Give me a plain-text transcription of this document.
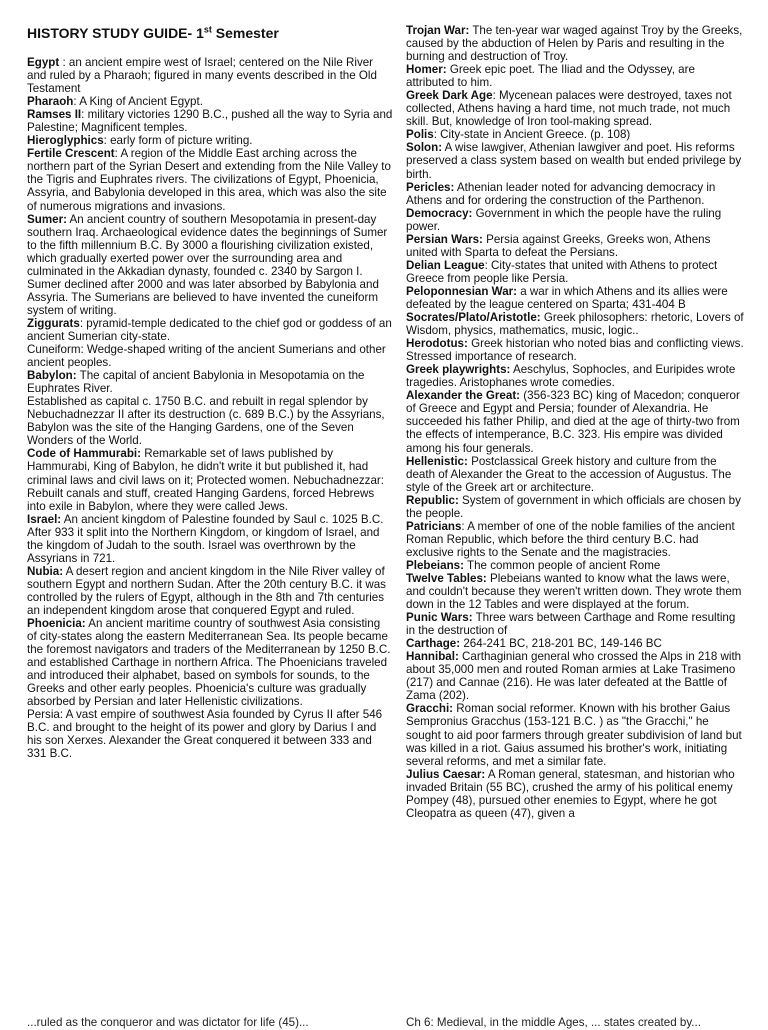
HISTORY STUDY GUIDE- 1st Semester

Egypt : an ancient empire west of Israel; centered on the Nile River and ruled by a Pharaoh; figured in many events described in the Old Testament

Pharaoh: A King of Ancient Egypt.

Ramses II: military victories 1290 B.C., pushed all the way to Syria and Palestine; Magnificent temples.

Hieroglyphics: early form of picture writing.

Fertile Crescent: A region of the Middle East arching across the northern part of the Syrian Desert and extending from the Nile Valley to the Tigris and Euphrates rivers. The civilizations of Egypt, Phoenicia, Assyria, and Babylonia developed in this area, which was also the site of numerous migrations and invasions.

Sumer: An ancient country of southern Mesopotamia in present-day southern Iraq. Archaeological evidence dates the beginnings of Sumer to the fifth millennium B.C. By 3000 a flourishing civilization existed, which gradually exerted power over the surrounding area and culminated in the Akkadian dynasty, founded c. 2340 by Sargon I. Sumer declined after 2000 and was later absorbed by Babylonia and Assyria. The Sumerians are believed to have invented the cuneiform system of writing.

Ziggurats: pyramid-temple dedicated to the chief god or goddess of an ancient Sumerian city-state.

Cuneiform: Wedge-shaped writing of the ancient Sumerians and other ancient peoples.

Babylon: The capital of ancient Babylonia in Mesopotamia on the Euphrates River.

Established as capital c. 1750 B.C. and rebuilt in regal splendor by Nebuchadnezzar II after its destruction (c. 689 B.C.) by the Assyrians, Babylon was the site of the Hanging Gardens, one of the Seven Wonders of the World.

Code of Hammurabi: Remarkable set of laws published by Hammurabi, King of Babylon, he didn't write it but published it, had criminal laws and civil laws on it; Protected women. Nebuchadnezzar: Rebuilt canals and stuff, created Hanging Gardens, forced Hebrews into exile in Babylon, where they were called Jews.

Israel: An ancient kingdom of Palestine founded by Saul c. 1025 B.C. After 933 it split into the Northern Kingdom, or kingdom of Israel, and the kingdom of Judah to the south. Israel was overthrown by the Assyrians in 721.

Nubia: A desert region and ancient kingdom in the Nile River valley of southern Egypt and northern Sudan. After the 20th century B.C. it was controlled by the rulers of Egypt, although in the 8th and 7th centuries an independent kingdom arose that conquered Egypt and ruled.

Phoenicia: An ancient maritime country of southwest Asia consisting of city-states along the eastern Mediterranean Sea. Its people became the foremost navigators and traders of the Mediterranean by 1250 B.C. and established Carthage in northern Africa. The Phoenicians traveled and introduced their alphabet, based on symbols for sounds, to the Greeks and other early peoples. Phoenicia's culture was gradually absorbed by Persian and later Hellenistic civilizations.

Persia: A vast empire of southwest Asia founded by Cyrus II after 546 B.C. and brought to the height of its power and glory by Darius I and his son Xerxes. Alexander the Great conquered it between 333 and 331 B.C.

Trojan War: The ten-year war waged against Troy by the Greeks, caused by the abduction of Helen by Paris and resulting in the burning and destruction of Troy.

Homer: Greek epic poet. The Iliad and the Odyssey, are attributed to him.

Greek Dark Age: Mycenean palaces were destroyed, taxes not collected, Athens having a hard time, not much trade, not much skill. But, knowledge of Iron tool-making spread.

Polis: City-state in Ancient Greece. (p. 108)

Solon: A wise lawgiver, Athenian lawgiver and poet. His reforms preserved a class system based on wealth but ended privilege by birth.

Pericles: Athenian leader noted for advancing democracy in Athens and for ordering the construction of the Parthenon.

Democracy: Government in which the people have the ruling power.

Persian Wars: Persia against Greeks, Greeks won, Athens united with Sparta to defeat the Persians.

Delian League: City-states that united with Athens to protect Greece from people like Persia.

Peloponnesian War: a war in which Athens and its allies were defeated by the league centered on Sparta; 431-404 B

Socrates/Plato/Aristotle: Greek philosophers: rhetoric, Lovers of Wisdom, physics, mathematics, music, logic..

Herodotus: Greek historian who noted bias and conflicting views. Stressed importance of research.

Greek playwrights: Aeschylus, Sophocles, and Euripides wrote tragedies. Aristophanes wrote comedies.

Alexander the Great: (356-323 BC) king of Macedon; conqueror of Greece and Egypt and Persia; founder of Alexandria. He succeeded his father Philip, and died at the age of thirty-two from the effects of intemperance, B.C. 323. His empire was divided among his four generals.

Hellenistic: Postclassical Greek history and culture from the death of Alexander the Great to the accession of Augustus. The style of the Greek art or architecture.

Republic: System of government in which officials are chosen by the people.

Patricians: A member of one of the noble families of the ancient Roman Republic, which before the third century B.C. had exclusive rights to the Senate and the magistracies.

Plebeians: The common people of ancient Rome

Twelve Tables: Plebeians wanted to know what the laws were, and couldn't because they weren't written down. They wrote them down in the 12 Tables and were displayed at the forum.

Punic Wars: Three wars between Carthage and Rome resulting in the destruction of

Carthage: 264-241 BC, 218-201 BC, 149-146 BC

Hannibal: Carthaginian general who crossed the Alps in 218 with about 35,000 men and routed Roman armies at Lake Trasimeno (217) and Cannae (216). He was later defeated at the Battle of Zama (202).

Gracchi: Roman social reformer. Known with his brother Gaius Sempronius Gracchus (153-121 B.C. ) as "the Gracchi," he sought to aid poor farmers through greater subdivision of land but was killed in a riot. Gaius assumed his brother's work, initiating several reforms, and met a similar fate.

Julius Caesar: A Roman general, statesman, and historian who invaded Britain (55 BC), crushed the army of his political enemy Pompey (48), pursued other enemies to Egypt, where he got Cleopatra as queen (47), given a

...ruled as the conqueror and was dictator for life (45)...	Ch 6: Medieval, in the middle Ages, ... states created by...
